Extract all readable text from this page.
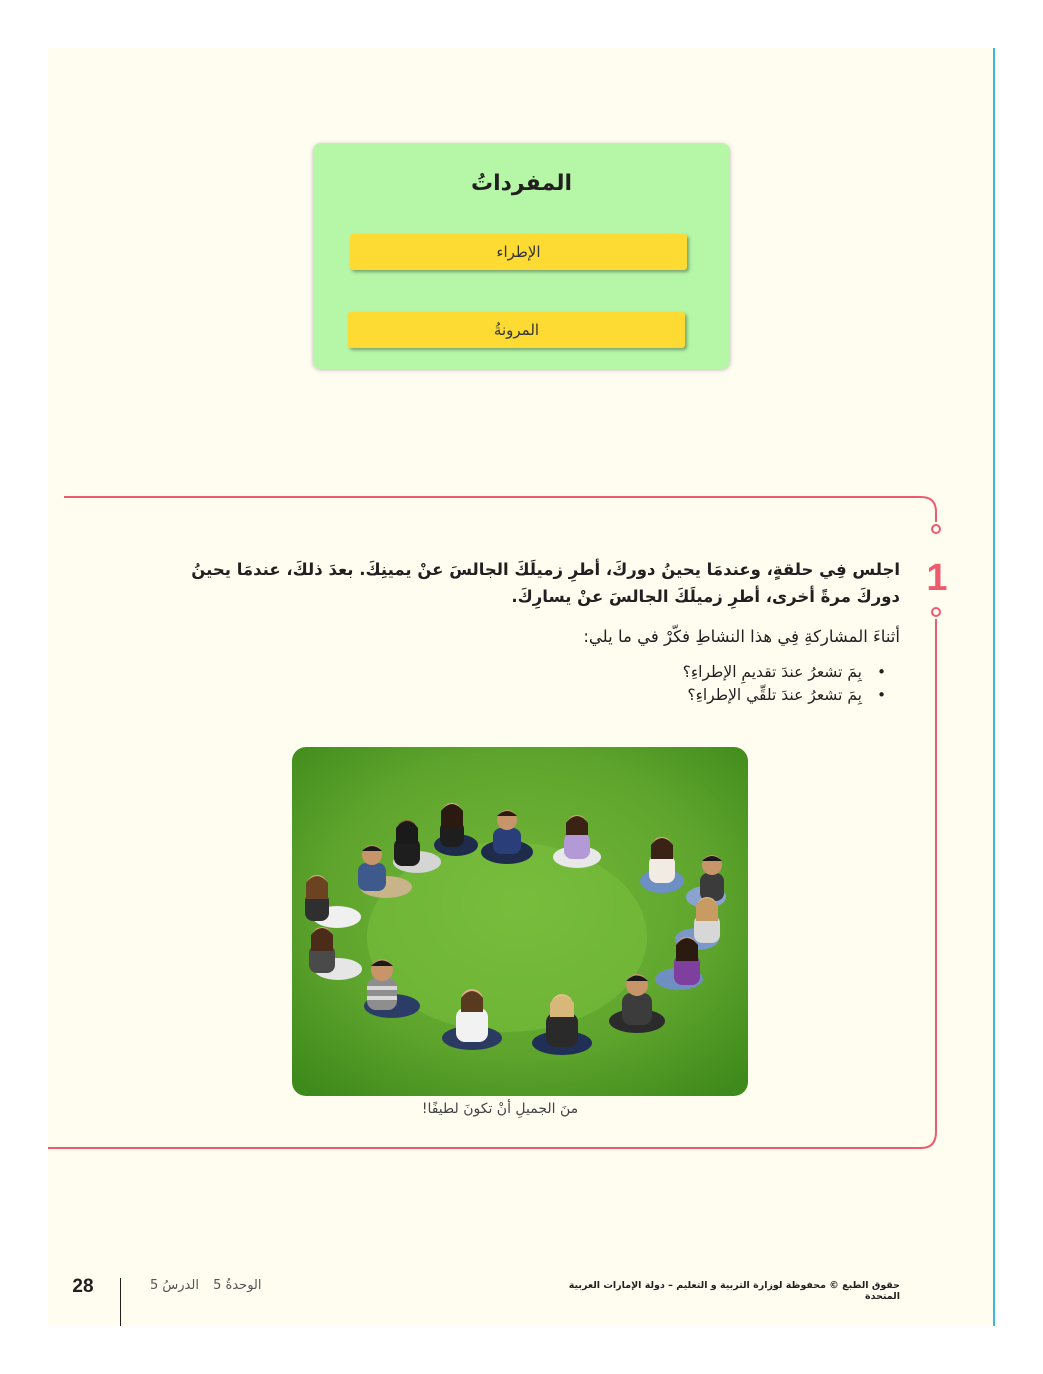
المفرداتُ
الإطراء
المرونةُ
1
اجلس فِي حلقةٍ، وعندمَا يحينُ دوركَ، أطرِ زميلَكَ الجالسَ عنْ يمينِكَ. بعدَ ذلكَ، عندمَا يحينُ دوركَ مرةً أخرى، أطرِ زميلَكَ الجالسَ عنْ يسارِكَ.
أثناءَ المشاركةِ فِي هذا النشاطِ فكّرْ في ما يلي:
• بِمَ تشعرُ عندَ تقديمِ الإطراءِ؟
• بِمَ تشعرُ عندَ تلقِّي الإطراءِ؟
منَ الجميلِ أنْ تكونَ لطيفًا!
28	الوحدةُ 5 الدرسُ 5	حقوق الطبع © محفوظة لوزارة التربية و التعليم – دولة الإمارات العربية المتحدة
